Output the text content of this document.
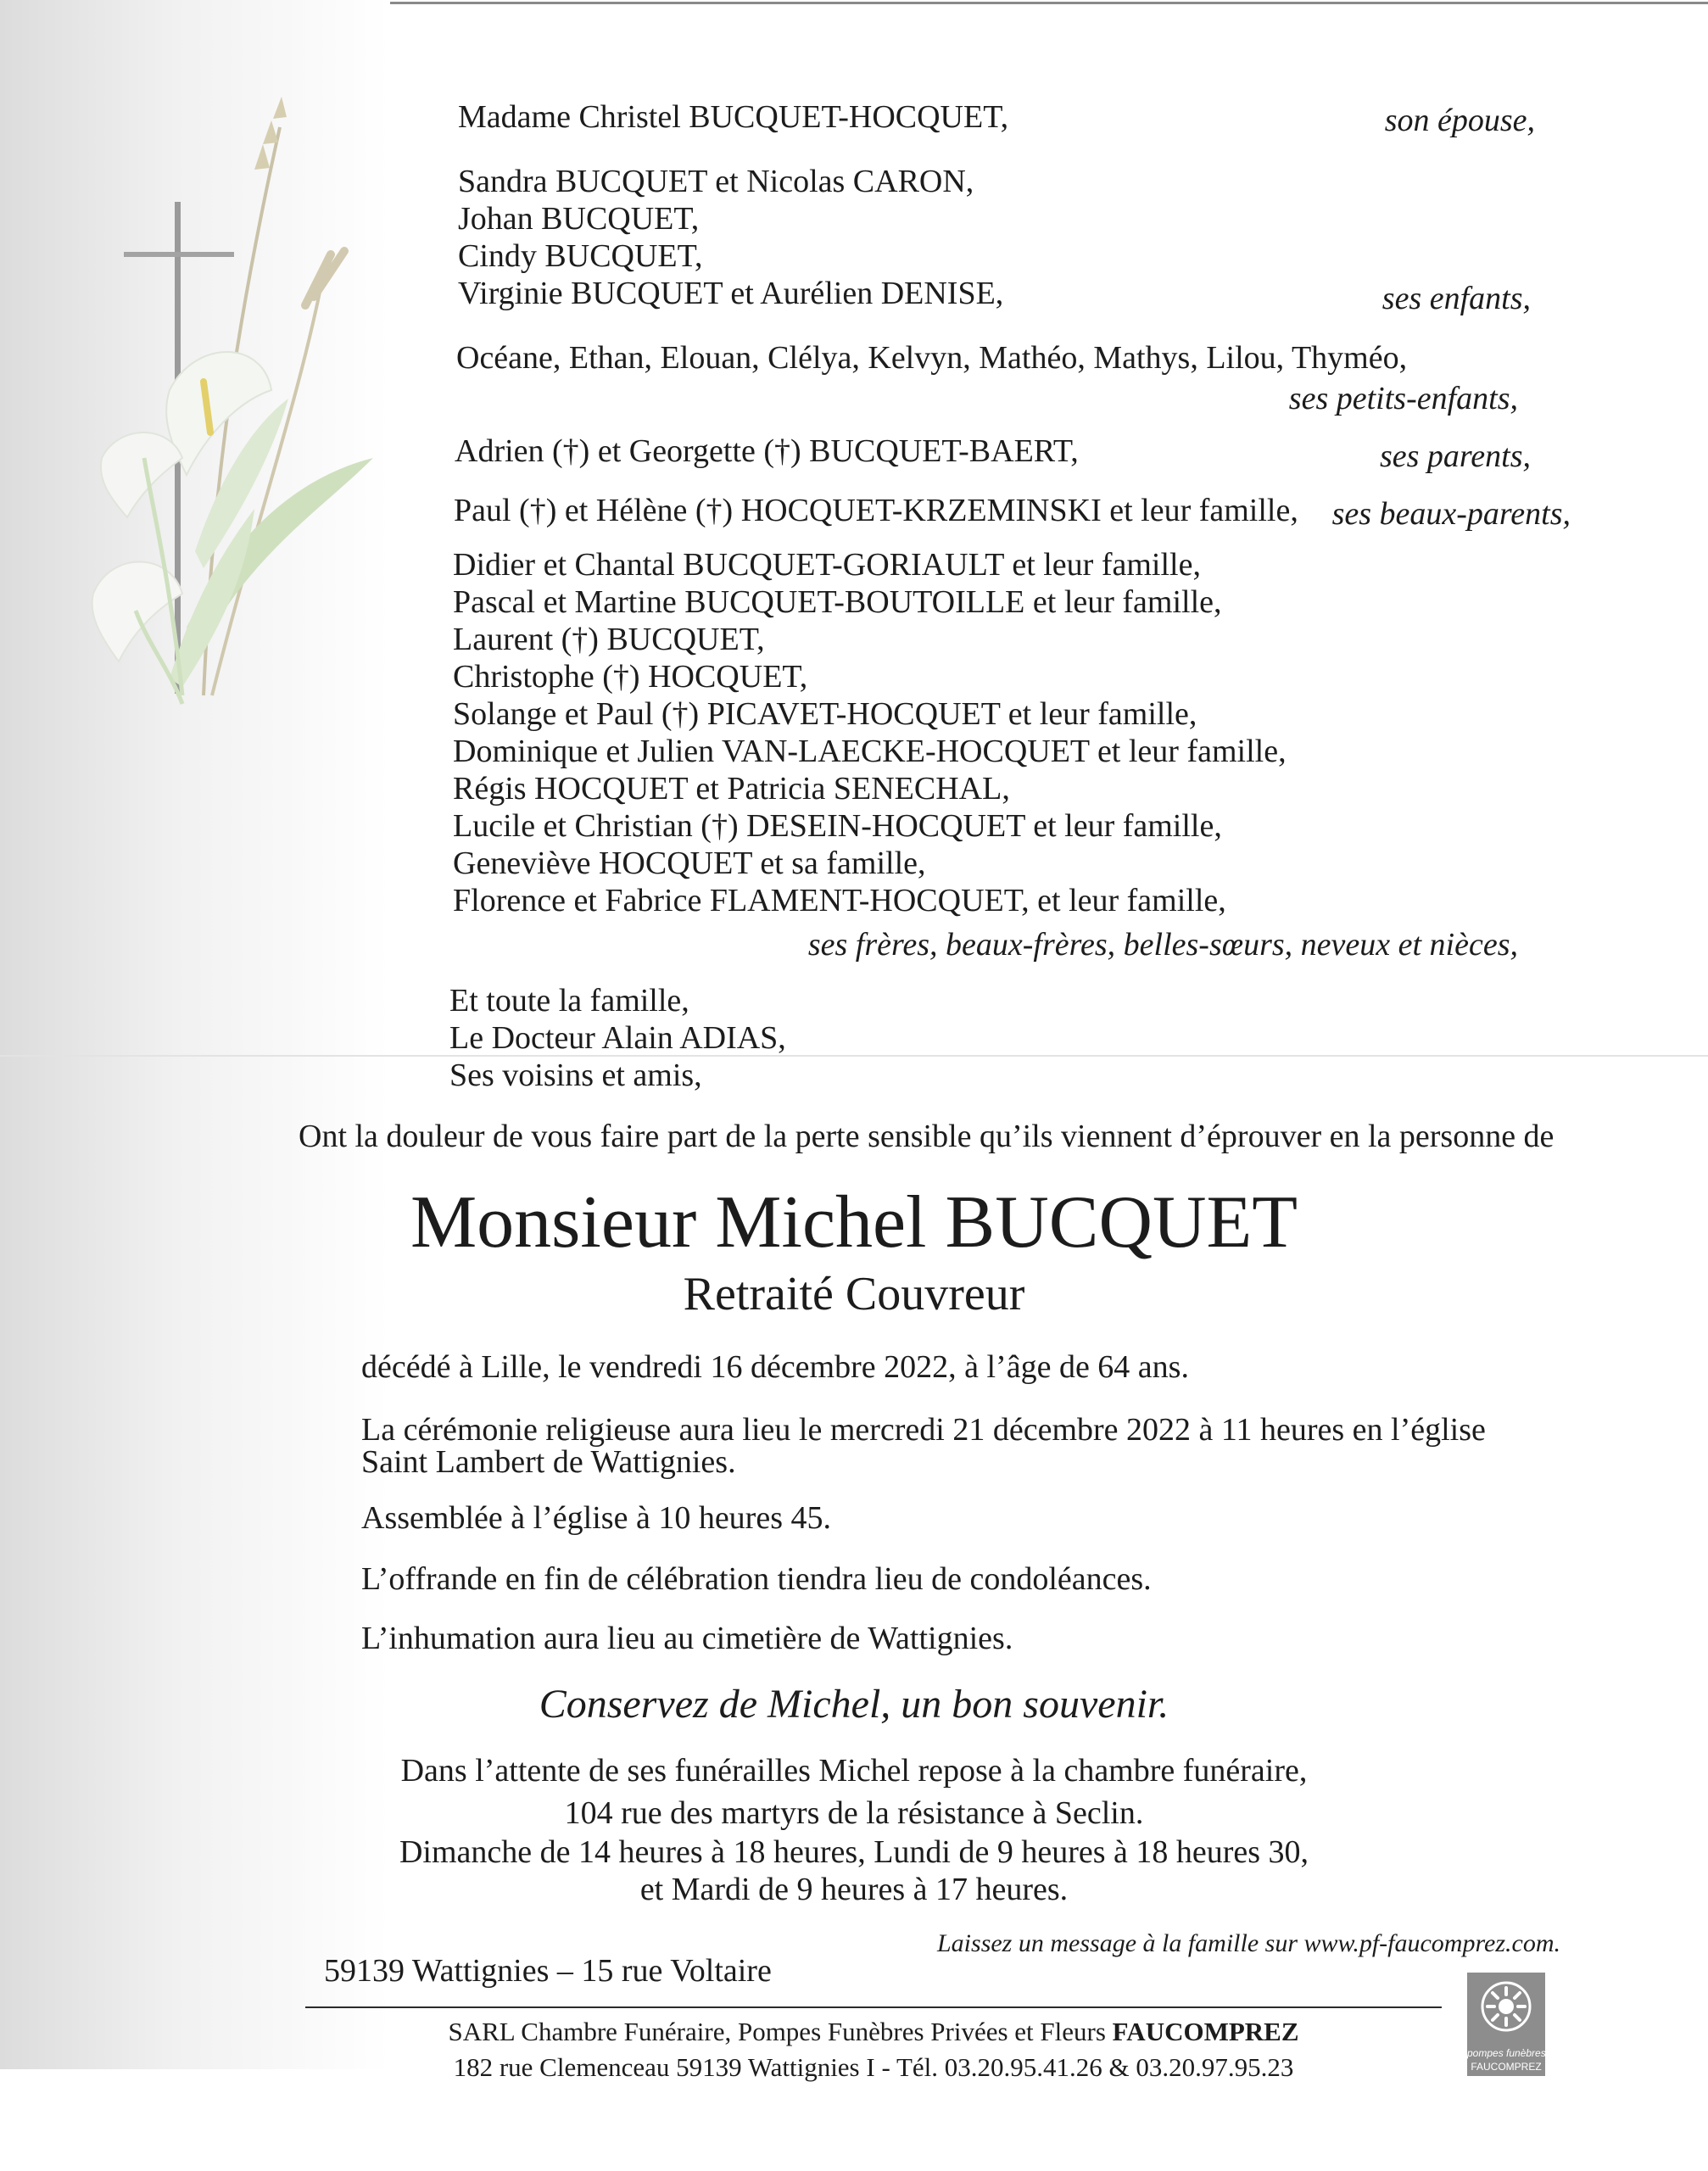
Madame Christel BUCQUET-HOCQUET,	son épouse,
Sandra BUCQUET et Nicolas CARON,
Johan BUCQUET,
Cindy BUCQUET,
Virginie BUCQUET et Aurélien DENISE,	ses enfants,
Océane, Ethan, Elouan, Clélya, Kelvyn, Mathéo, Mathys, Lilou, Thyméo,
ses petits-enfants,
Adrien (†) et Georgette (†) BUCQUET-BAERT,	ses parents,
Paul (†) et Hélène (†) HOCQUET-KRZEMINSKI et leur famille,	ses beaux-parents,
Didier et Chantal BUCQUET-GORIAULT et leur famille,
Pascal et Martine BUCQUET-BOUTOILLE et leur famille,
Laurent (†) BUCQUET,
Christophe (†) HOCQUET,
Solange et Paul (†) PICAVET-HOCQUET et leur famille,
Dominique et Julien VAN-LAECKE-HOCQUET et leur famille,
Régis HOCQUET et Patricia SENECHAL,
Lucile et Christian (†) DESEIN-HOCQUET et leur famille,
Geneviève HOCQUET et sa famille,
Florence et Fabrice FLAMENT-HOCQUET, et leur famille,
ses frères, beaux-frères, belles-sœurs, neveux et nièces,
Et toute la famille,
Le Docteur Alain ADIAS,
Ses voisins et amis,
Ont la douleur de vous faire part de la perte sensible qu’ils viennent d’éprouver en la personne de
Monsieur Michel BUCQUET
Retraité Couvreur
décédé à Lille, le vendredi 16 décembre 2022, à l’âge de 64 ans.
La cérémonie religieuse aura lieu le mercredi 21 décembre 2022 à 11 heures en l’église
Saint Lambert de Wattignies.
Assemblée à l’église à 10 heures 45.
L’offrande en fin de célébration tiendra lieu de condoléances.
L’inhumation aura lieu au cimetière de Wattignies.
Conservez de Michel, un bon souvenir.
Dans l’attente de ses funérailles Michel repose à la chambre funéraire,
104 rue des martyrs de la résistance à Seclin.
Dimanche de 14 heures à 18 heures, Lundi de 9 heures à 18 heures 30,
et Mardi de 9 heures à 17 heures.
Laissez un message à la famille sur www.pf-faucomprez.com.
59139 Wattignies – 15 rue Voltaire
SARL Chambre Funéraire, Pompes Funèbres Privées et Fleurs FAUCOMPREZ
182 rue Clemenceau 59139 Wattignies I - Tél. 03.20.95.41.26 & 03.20.97.95.23	pompes funèbres
FAUCOMPREZ
